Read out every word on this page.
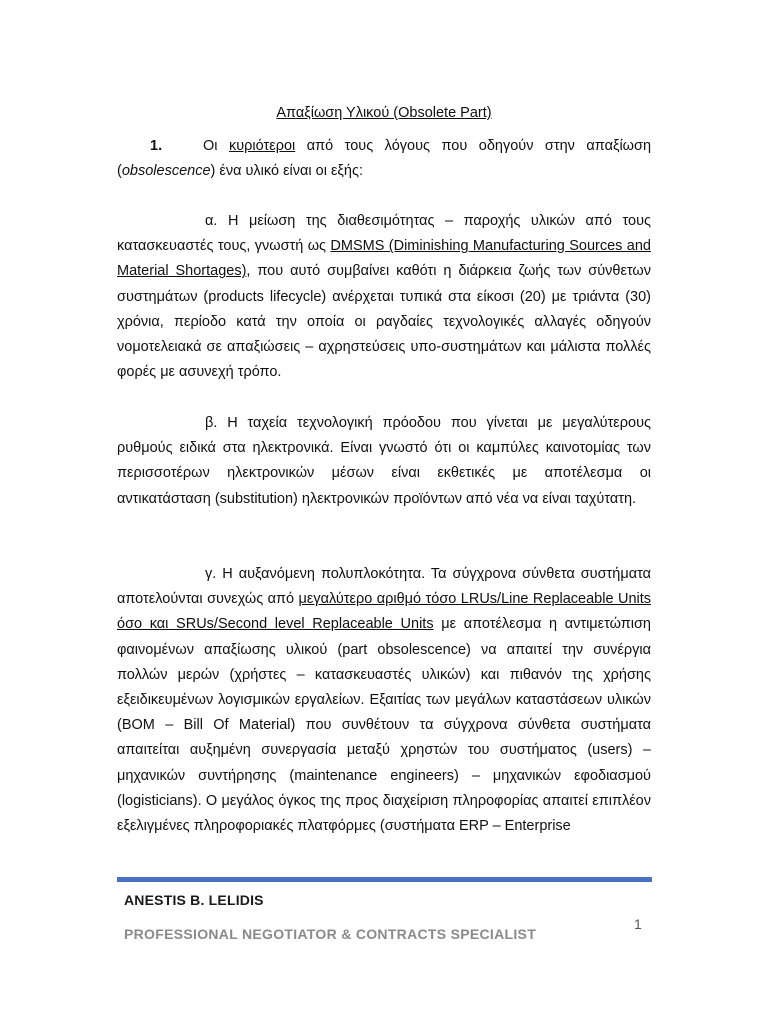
Απαξίωση Υλικού (Obsolete Part)
1.	Οι κυριότεροι από τους λόγους που οδηγούν στην απαξίωση (obsolescence) ένα υλικό είναι οι εξής:
α. Η μείωση της διαθεσιμότητας – παροχής υλικών από τους κατασκευαστές τους, γνωστή ως DMSMS (Diminishing Manufacturing Sources and Material Shortages), που αυτό συμβαίνει καθότι η διάρκεια ζωής των σύνθετων συστημάτων (products lifecycle) ανέρχεται τυπικά στα είκοσι (20) με τριάντα (30) χρόνια, περίοδο κατά την οποία οι ραγδαίες τεχνολογικές αλλαγές οδηγούν νομοτελειακά σε απαξιώσεις – αχρηστεύσεις υπο-συστημάτων και μάλιστα πολλές φορές με ασυνεχή τρόπο.
β. Η ταχεία τεχνολογική πρόοδου που γίνεται με μεγαλύτερους ρυθμούς ειδικά στα ηλεκτρονικά. Είναι γνωστό ότι οι καμπύλες καινοτομίας των περισσοτέρων ηλεκτρονικών μέσων είναι εκθετικές με αποτέλεσμα οι αντικατάσταση (substitution) ηλεκτρονικών προϊόντων από νέα να είναι ταχύτατη.
γ. Η αυξανόμενη πολυπλοκότητα. Τα σύγχρονα σύνθετα συστήματα αποτελούνται συνεχώς από μεγαλύτερο αριθμό τόσο LRUs/Line Replaceable Units όσο και SRUs/Second level Replaceable Units με αποτέλεσμα η αντιμετώπιση φαινομένων απαξίωσης υλικού (part obsolescence) να απαιτεί την συνέργια πολλών μερών (χρήστες – κατασκευαστές υλικών) και πιθανόν της χρήσης εξειδικευμένων λογισμικών εργαλείων. Εξαιτίας των μεγάλων καταστάσεων υλικών (BOM – Bill Of Material) που συνθέτουν τα σύγχρονα σύνθετα συστήματα απαιτείται αυξημένη συνεργασία μεταξύ χρηστών του συστήματος (users) – μηχανικών συντήρησης (maintenance engineers) – μηχανικών εφοδιασμού (logisticians). Ο μεγάλος όγκος της προς διαχείριση πληροφορίας απαιτεί επιπλέον εξελιγμένες πληροφοριακές πλατφόρμες (συστήματα ERP – Enterprise
ANESTIS B. LELIDIS
PROFESSIONAL NEGOTIATOR & CONTRACTS SPECIALIST
1
